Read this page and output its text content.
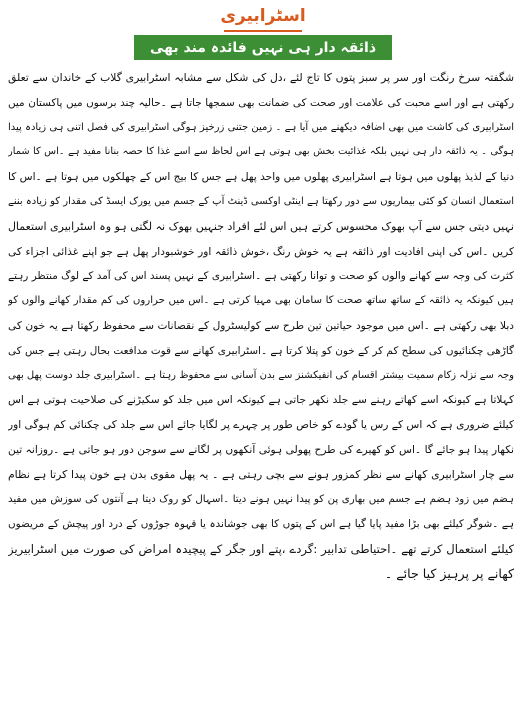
اسٹرابیری
ذائقہ دار ہی نہیں فائدہ مند بھی
شگفتہ سرخ رنگت اور سر پر سبز پتوں کا تاج لئے ،دل کی شکل سے مشابہ اسٹرابیری گلاب کے خاندان سے تعلق
رکھتی ہے اور اسے محبت کی علامت اور صحت کی ضمانت بھی سمجھا جاتا ہے ۔حالیہ چند برسوں میں پاکستان میں
اسٹرابیری کی کاشت میں بھی اضافہ دیکھنے میں آیا ہے ۔ زمین جتنی زرخیز ہوگی اسٹرابیری کی فصل اتنی ہی زیادہ پیدا
ہوگی ۔ یہ ذائقہ دار ہی نہیں بلکہ غذائیت بخش بھی ہوتی ہے اس لحاظ سے اسے غذا کا حصہ بنانا مفید ہے ۔اس کا شمار
دنیا کے لذیذ پھلوں میں ہوتا ہے اسٹرابیری پھلوں میں واحد پھل ہے جس کا بیج اس کے چھلکوں میں ہوتا ہے ۔اس کا
استعمال انسان کو کئی بیماریوں سے دور رکھتا ہے اینٹی اوکسی ڈینٹ آپ کے جسم میں یورک ایسڈ کی مقدار کو زیادہ بننے
نہیں دیتی جس سے آپ بھوک محسوس کرتے ہیں اس لئے افراد جنہیں بھوک نہ لگتی ہو وہ اسٹرابیری استعمال
کریں ۔اس کی اپنی افادیت اور ذائقہ ہے یہ خوش رنگ ،خوش ذائقہ اور خوشبودار پھل ہے جو اپنے غذائی اجزاء کی
کثرت کی وجہ سے کھانے والوں کو صحت و توانا رکھتی ہے ۔اسٹرابیری کے نہیں پسند اس کی آمد کے لوگ منتظر رہتے
ہیں کیونکہ یہ ذائقہ کے ساتھ ساتھ صحت کا سامان بھی مہیا کرتی ہے ۔اس میں حراروں کی کم مقدار کھانے والوں کو
دبلا بھی رکھتی ہے ۔اس میں موجود حیاتین تین طرح سے کولیسٹرول کے نقصانات سے محفوظ رکھتا ہے یہ خون کی
گاڑھی چکنائیوں کی سطح کم کر کے خون کو پتلا کرتا ہے ۔اسٹرابیری کھانے سے قوت مدافعت بحال رہتی ہے جس کی
وجہ سے نزلہ زکام سمیت بیشتر اقسام کی انفیکشنز سے بدن آسانی سے محفوظ رہتا ہے ۔اسٹرابیری جلد دوست پھل بھی
کہلاتا ہے کیونکہ اسے کھاتے رہنے سے جلد نکھر جاتی ہے کیونکہ اس میں جلد کو سکیڑنے کی صلاحیت ہوتی ہے اس
کیلئے ضروری ہے کہ اس کے رس یا گودے کو خاص طور پر چہرے پر لگایا جائے اس سے جلد کی چکنائی کم ہوگی اور
نکھار پیدا ہو جائے گا ۔اس کو کھیرے کی طرح پھولی ہوئی آنکھوں پر لگانے سے سوجن دور ہو جاتی ہے ۔روزانہ تین
سے چار اسٹرابیری کھانے سے نظر کمزور ہونے سے بچی رہتی ہے ۔ یہ پھل مقوی بدن ہے خون پیدا کرتا ہے نظام
ہضم میں زود ہضم ہے جسم میں بھاری پن کو پیدا نہیں ہونے دیتا ۔اسہال کو روک دیتا ہے آنتوں کی سوزش میں مفید
ہے ۔شوگر کیلئے بھی بڑا مفید پایا گیا ہے اس کے پتوں کا بھی جوشاندہ یا قہوہ جوڑوں کے درد اور پیچش کے مریضوں
کیلئے استعمال کرتے تھے ۔احتیاطی تدابیر :گردے ،پتے اور جگر کے پیچیدہ امراض کی صورت میں اسٹرابیریز
کھانے پر پرہیز کیا جائے ۔
